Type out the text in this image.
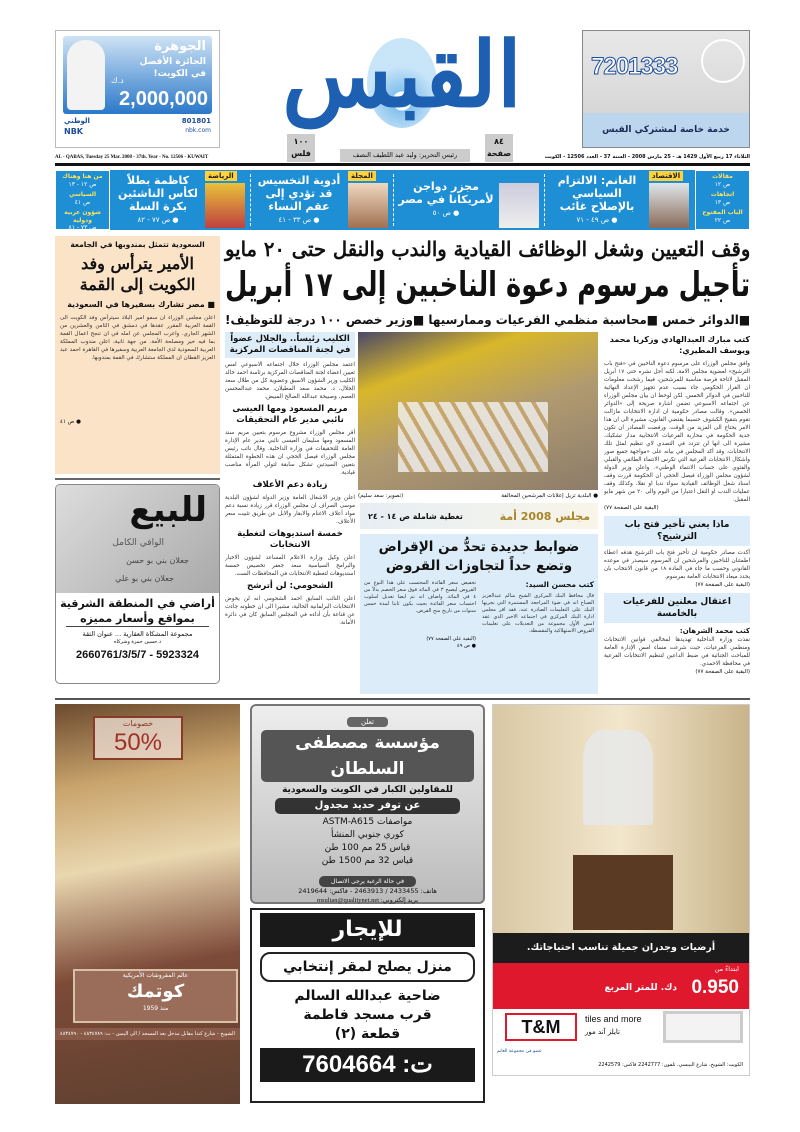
الجوهرة
الجائزة الأفضل
في الكويت!
د.ك
2,000,000
الوطني
NBK
801801
nbk.com
القبس	7201333
خدمة خاصة لمشتركي القبس
١٠٠
فلس
٨٤
صفحة
رئيس التحرير: وليد عبد اللطيف النصف
AL - QABAS, Tuesday 25 Mar. 2008 - 37th. Year - No. 12506 - KUWAIT	الثلاثاء 17 ربيع الأول 1429 هـ - 25 مارس 2008 - السنة 37 - العدد 12506 - الكويت
مقالات
ص ١٢
اتجاهات
ص ١٣
الباب المفتوح
ص ٢٢
الاقتصاد
الغانم: الالتزام السياسي بالإصلاح غائب
● ص ٤٩ - ٧١
مجزر دواجن لأمريكانا في مصر
● ص ٥٠
المجلة
أدوية التخسيس قد تؤدي إلى عقم النساء
● ص ٣٣ - ٤١
الرياضة
كاظمة بطلاً لكأس الناشئين بكرة السلة
● ص ٧٧ - ٨٢
من هنا وهناك
ص ١٢ - ١٣
السياسي
ص ٤١
شؤون عربية ودولية
ص ٧٣ - ٨١
وقف التعيين وشغل الوظائف القيادية والندب والنقل حتى ٢٠ مايو
تأجيل مرسوم دعوة الناخبين إلى ١٧ أبريل
■الدوائر خمس ■محاسبة منظمي الفرعيات وممارسيها ■وزير خصص ١٠٠ درجة للتوظيف!
السعودية تتمثل بمندوبها في الجامعة
الأمير يترأس وفد الكويت إلى القمة
■ مصر تشارك بسفيرها في السعودية
اعلن مجلس الوزراء ان سمو امير البلاد سيترأس وفد الكويت الى القمة العربية المقرر عقدها في دمشق في الثامن والعشرين من الشهر الجاري. واعرب المجلس عن امله في ان تنجح اعمال القمة بما فيه خير ومصلحة الأمة. من جهة ثانية، اعلن مندوب المملكة العربية السعودية لدى الجامعة العربية وسفيرها في القاهرة احمد عبد العزيز القطان ان المملكة ستشارك في القمة بمندوبها.
● ص ٤١
للبيع
الوافي الكامل
جعلان بني بو حسن
جعلان بني بو علي
أراضي في المنطقة الشرقية
بمواقع وأسعار مميزه
مجموعة المشكاة العقارية ... عنوان الثقة
د.حسين حمزة وشركاه
2660761/3/5/7 - 5923324
الكليب رئيساً.. والجلال عضواً في لجنة المناقصات المركزية
اعتمد مجلس الوزراء خلال اجتماعه الاسبوعي امس تعيين اعضاء لجنة المناقصات المركزية برئاسة احمد خالد الكليب وزير الشؤون الاسبق وعضوية كل من طلال سعد الجلال، د. محمد سعد المطيلان، محمد عبدالمحسن العصم، وصبيحة عبدالله الصالح المبيض.
مريم المسعود ومها العيسى نائبي مدير عام التحقيقات
أقر مجلس الوزراء مشروع مرسوم بتعيين مريم سند المسعود ومها سليمان العيسى نائبي مدير عام الإدارة العامة للتحقيقات في وزارة الداخلية. وقال نائب رئيس مجلس الوزراء فيصل الحجي ان هذه الخطوة المتمثلة بتعيين السيدتين تشكل سابقة لتولي المرأة مناصب قيادية.
زيادة دعم الأعلاف
اعلن وزير الاشغال العامة وزير الدولة لشؤون البلدية موسى الصراف ان مجلس الوزراء قرر زيادة نسبة دعم مواد أعلاف الاغنام والابقار والابل عن طريق تثبيت سعر الأعلاف.
خمسة استديوهات لتغطية الانتخابات
اعلن وكيل وزارة الاعلام المساعد لشؤون الاخبار والبرامج السياسية سعد جعفر تخصيص خمسة استديوهات لتغطية الانتخابات في المحافظات الست.
الشحومي: لن أترشح
اعلن النائب السابق احمد الشحومي انه لن يخوض الانتخابات البرلمانية الحالية، مشيرا الى ان خطوته جاءت عن قناعة بأن أداءه في المجلس السابق كان في دائرة الأمانة.
● البلدية تزيل إعلانات المرشحين المخالفة
(تصوير: سعد سليم)
مجلس 2008 أمة
تغطية شاملة ص ١٤ - ٢٤
ضوابط جديدة تحدُّ من الإقراض وتضع حداً لتجاوزات القروض
كتب محسن السيد:
قال محافظ البنك المركزي الشيخ سالم عبدالعزيز الصباح انه في ضوء المراجعة المستمرة التي يجريها البنك على التعليمات الصادرة عنه، فقد اقر مجلس ادارة البنك المركزي في اجتماعه الاخير الذي عقد امس الأول مجموعة من التعديلات على تعليمات القروض الاستهلاكية والمقسطة.
تخفيض سعر الفائدة المحتسب على هذا النوع من القروض ليصبح ٣ في المائة فوق سعر الخصم بدلاً من ٤ في المائة. واضاف انه تم ايضا تعديل اسلوب احتساب سعر الفائدة بحيث يكون ثابتا لمدة خمس سنوات من تاريخ منح القرض.
(البقية على الصفحة ٧٧)
● ص ٤٩
كتب مبارك العبدالهادي وزكريا محمد ويوسف المطيري:
وافق مجلس الوزراء على مرسوم دعوة الناخبين في «فتح باب الترشيح» لعضوية مجلس الامة، لكنه أجل نشره حتى ١٧ أبريل المقبل لاتاحة فرصة مناسبة للمرشحين، فيما رشحت معلومات ان القرار الحكومي جاء بسبب عدم تجهيز الإعداد النهائية للناخبين في الدوائر الخمس. لكن لوحظ ان بيان مجلس الوزراء عن اجتماعه الاسبوعي تضمن اشارة صريحة إلى «الدوائر الخمس». وقالت مصادر حكومية ان ادارة الانتخابات مازالت تقوم بتنقيح الكشوف حسبما يقتضي القانون، مشيرة الى ان هذا الامر يحتاج الى المزيد من الوقت. ورفضت المصادر ان تكون جدية الحكومة في محاربة الفرعيات الانتخابية مدار تشكيك، مشيرة الى انها لن تتردد في التصدي لاي تنظيم لمثل تلك الانتخابات. وقد أكد المجلس في بيانه على «مواجهة جميع صور واشكال الانتخابات الفرعية التي تكرس الانتماء الطائفي والقبلي والفئوي على حساب الانتماء الوطني». واعلن وزير الدولة لشؤون مجلس الوزراء فيصل الحجي ان الحكومة قررت وقف اسناد شغل الوظائف القيادية سواء ندبا او نقلا، وكذلك وقف عمليات الندب او النقل اعتبارا من اليوم والى ٢٠ من شهر مايو المقبل.
(البقية على الصفحة ٧٧)
ماذا يعني تأخير فتح باب الترشيح؟
أكدت مصادر حكومية ان تأخير فتح باب الترشيح هدفه اعطاء اطمئنان للناخبين والمرشحين ان المرسوم سيصدر في موعده القانوني وحسب ما جاء في المادة ١٨ من قانون الانتخاب بان يحدد ميعاد الانتخابات العامة بمرسوم.
(البقية على الصفحة ٧٧)
اعتقال معلنين للفرعيات بالخامسة
كتب محمد الشرهان:
نفذت وزارة الداخلية تهديدها لمخالفي قوانين الانتخابات ومنظمي الفرعيات، حيث شرعت مساء امس الإدارة العامة للمباحث الجنائية في ضبط الداعين لتنظيم الانتخابات الفرعية في محافظة الاحمدي.
(البقية على الصفحة ٧٧)
خصومات
50%
عالم المفروشات الأمريكية
كوتمك
منذ 1959
الشويخ - شارع كندا مقابل مدخل بعد المسجد / الى اليمين - ت: ٤٨٣٤٧٨٩ - ٤٨٣٤٧٩٠
تعلن
مؤسسة مصطفى السلطان
للمقاولين الكبار في الكويت والسعودية
عن توفر حديد مجدول
مواصفات ASTM-A615
كوري جنوبي المنشأ
قياس 25 مم 100 طن
قياس 32 مم 1500 طن
في حالة الرغبة يرجى الاتصال
هاتف: 2433455 / 2463913 - فاكس: 2419644
بريد إلكتروني: msultan@qualitynet.net
للإيجار
منزل يصلح لمقر إنتخابي
ضاحية عبدالله السالم
قرب مسجد فاطمة
قطعة (٢)
ت: 7604664
أرضيات وجدران جميلة تناسب احتياجاتك.
ابتداءً من
0.950
دك. للمتر المربع
T&M	tiles and more
تايلز آند مور
عضو في مجموعة الغانم
الكويت: الشويخ، شارع البيبسي، تلفون: 2242777 فاكس: 2242579
